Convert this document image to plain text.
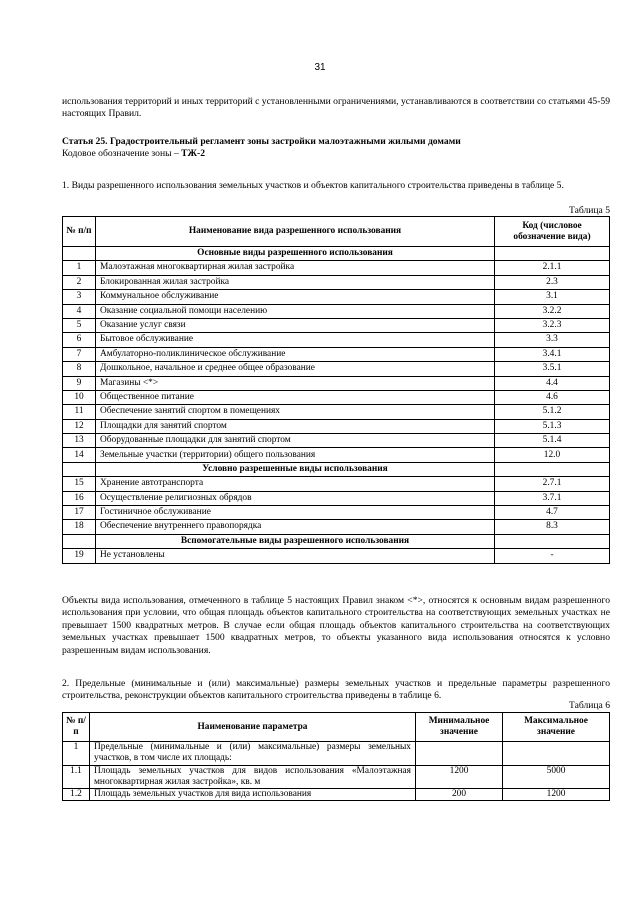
31
использования территорий и иных территорий с установленными ограничениями, устанавливаются в соответствии со статьями 45-59 настоящих Правил.
Статья 25. Градостроительный регламент зоны застройки малоэтажными жилыми домами
Кодовое обозначение зоны – ТЖ-2
1. Виды разрешенного использования земельных участков и объектов капитального строительства приведены в таблице 5.
Таблица 5
№ п/п	Наименование вида разрешенного использования	Код (числовое обозначение вида)
	Основные виды разрешенного использования	
1	Малоэтажная многоквартирная жилая застройка	2.1.1
2	Блокированная жилая застройка	2.3
3	Коммунальное обслуживание	3.1
4	Оказание социальной помощи населению	3.2.2
5	Оказание услуг связи	3.2.3
6	Бытовое обслуживание	3.3
7	Амбулаторно-поликлиническое обслуживание	3.4.1
8	Дошкольное, начальное и среднее общее образование	3.5.1
9	Магазины <*>	4.4
10	Общественное питание	4.6
11	Обеспечение занятий спортом в помещениях	5.1.2
12	Площадки для занятий спортом	5.1.3
13	Оборудованные площадки для занятий спортом	5.1.4
14	Земельные участки (территории) общего пользования	12.0
	Условно разрешенные виды использования	
15	Хранение автотранспорта	2.7.1
16	Осуществление религиозных обрядов	3.7.1
17	Гостиничное обслуживание	4.7
18	Обеспечение внутреннего правопорядка	8.3
	Вспомогательные виды разрешенного использования	
19	Не установлены	-
Объекты вида использования, отмеченного в таблице 5 настоящих Правил знаком <*>, относятся к основным видам разрешенного использования при условии, что общая площадь объектов капитального строительства на соответствующих земельных участках не превышает 1500 квадратных метров. В случае если общая площадь объектов капитального строительства на соответствующих земельных участках превышает 1500 квадратных метров, то объекты указанного вида использования относятся к условно разрешенным видам использования.
2. Предельные (минимальные и (или) максимальные) размеры земельных участков и предельные параметры разрешенного строительства, реконструкции объектов капитального строительства приведены в таблице 6.
Таблица 6
№ п/п	Наименование параметра	Минимальное значение	Максимальное значение
1	Предельные (минимальные и (или) максимальные) размеры земельных участков, в том числе их площадь:		
1.1	Площадь земельных участков для видов использования «Малоэтажная многоквартирная жилая застройка», кв. м	1200	5000
1.2	Площадь земельных участков для вида использования	200	1200
